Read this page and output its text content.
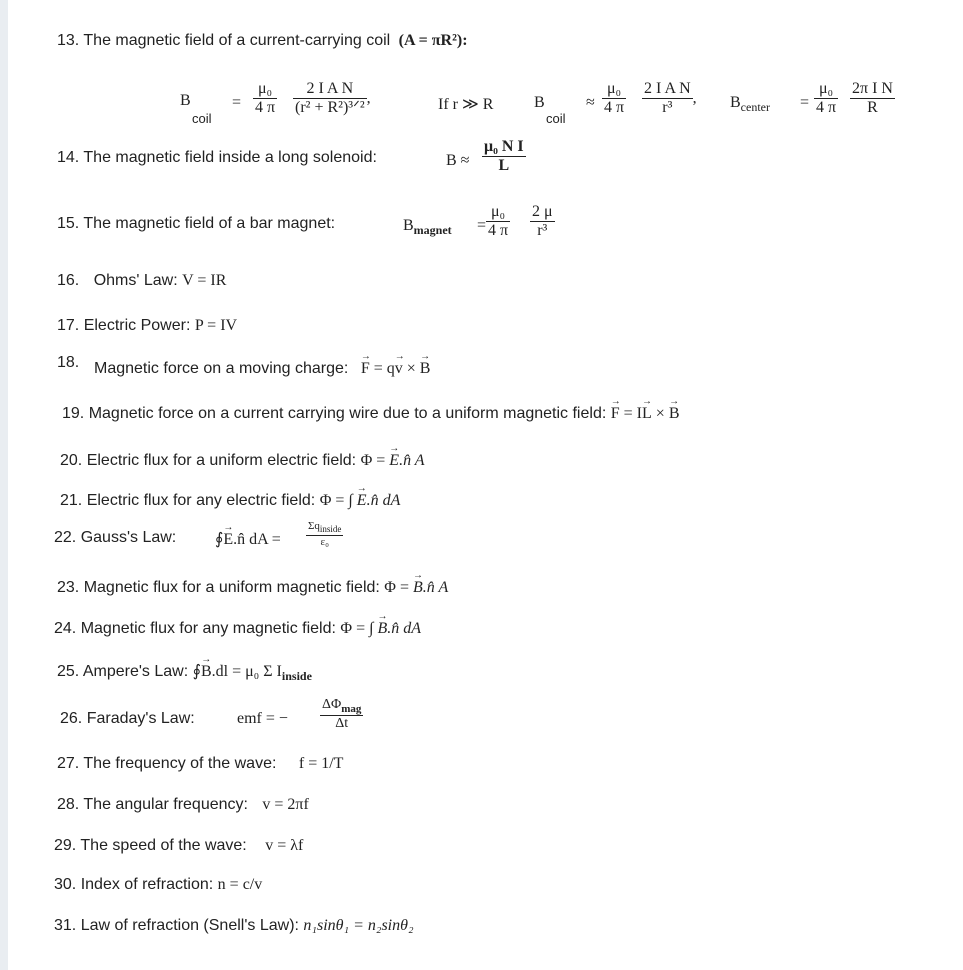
13. The magnetic field of a current-carrying coil (A = πR²):
B
coil
= $\frac{\text{μ₀}}{4 \pi} \frac{\text{2 I A N}}{\text{(r² + R²)³ᐟ²}}$ ,	If r ≫ R	B
coil
≈ $\frac{\text{μ₀}}{4 \pi} \frac{\text{2 I A N}}{\text{r³}}$ , $B_{center} = \frac{\text{μ₀}}{4 \pi} \frac{\text{2π I N}}{R}$
14. The magnetic field inside a long solenoid:	$B \approx \frac{\text{μ₀ N I}}{L}$
15. The magnetic field of a bar magnet:	$B_{magnet} = \frac{\text{μ₀}}{4 \pi} \frac{2 \mu}{\text{r³}}$
16. Ohms' Law: V = IR
17. Electric Power: P = IV
18. Magnetic force on a moving charge: → F = q→ v × → B
19. Magnetic force on a current carrying wire due to a uniform magnetic field: → F = I→ L × → B
20. Electric flux for a uniform electric field: Φ = → E.n̂ A
21. Electric flux for any electric field: Φ = ∫ → E.n̂ dA
22. Gauss's Law: ∮→ E.n̂ dA = $\frac{\Sigma q_{inside}}{\text{ε₀}}$
23. Magnetic flux for a uniform magnetic field: Φ = → B.n̂ A
24. Magnetic flux for any magnetic field: Φ = ∫ → B.n̂ dA
25. Ampere's Law: ∮→ B.dl = μ₀ Σ $I_{inside}$
26. Faraday's Law:	emf = − $\frac{\Delta\Phi_{mag}}{\Delta t}$
27. The frequency of the wave: f = 1/T
28. The angular frequency: v = 2πf
29. The speed of the wave: v = λf
30. Index of refraction: n = c/v
31. Law of refraction (Snell's Law): n₁sinθ₁ = n₂sinθ₂
